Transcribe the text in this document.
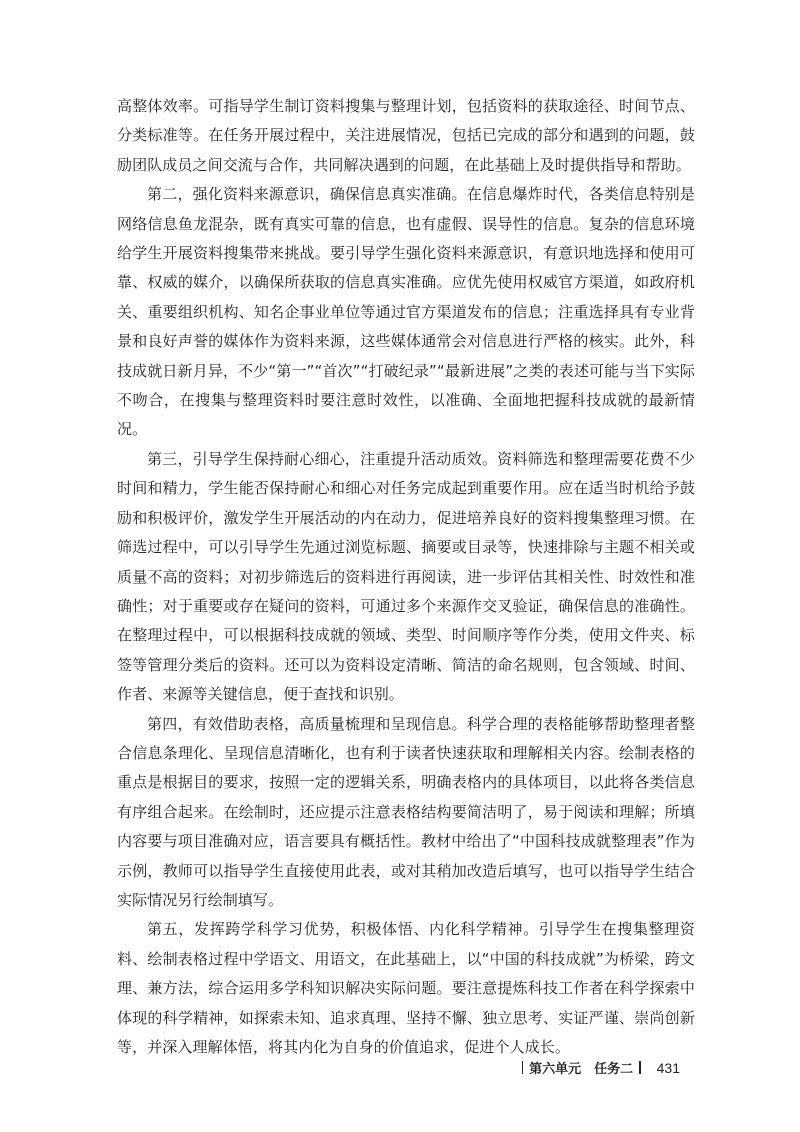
高整体效率。可指导学生制订资料搜集与整理计划，包括资料的获取途径、时间节点、分类标准等。在任务开展过程中，关注进展情况，包括已完成的部分和遇到的问题，鼓励团队成员之间交流与合作，共同解决遇到的问题，在此基础上及时提供指导和帮助。

第二，强化资料来源意识，确保信息真实准确。在信息爆炸时代，各类信息特别是网络信息鱼龙混杂，既有真实可靠的信息，也有虚假、误导性的信息。复杂的信息环境给学生开展资料搜集带来挑战。要引导学生强化资料来源意识，有意识地选择和使用可靠、权威的媒介，以确保所获取的信息真实准确。应优先使用权威官方渠道，如政府机关、重要组织机构、知名企事业单位等通过官方渠道发布的信息；注重选择具有专业背景和良好声誉的媒体作为资料来源，这些媒体通常会对信息进行严格的核实。此外，科技成就日新月异，不少“第一”“首次”“打破纪录”“最新进展”之类的表述可能与当下实际不吻合，在搜集与整理资料时要注意时效性，以准确、全面地把握科技成就的最新情况。

第三，引导学生保持耐心细心，注重提升活动质效。资料筛选和整理需要花费不少时间和精力，学生能否保持耐心和细心对任务完成起到重要作用。应在适当时机给予鼓励和积极评价，激发学生开展活动的内在动力，促进培养良好的资料搜集整理习惯。在筛选过程中，可以引导学生先通过浏览标题、摘要或目录等，快速排除与主题不相关或质量不高的资料；对初步筛选后的资料进行再阅读，进一步评估其相关性、时效性和准确性；对于重要或存在疑问的资料，可通过多个来源作交叉验证，确保信息的准确性。在整理过程中，可以根据科技成就的领域、类型、时间顺序等作分类，使用文件夹、标签等管理分类后的资料。还可以为资料设定清晰、简洁的命名规则，包含领域、时间、作者、来源等关键信息，便于查找和识别。

第四，有效借助表格，高质量梳理和呈现信息。科学合理的表格能够帮助整理者整合信息条理化、呈现信息清晰化，也有利于读者快速获取和理解相关内容。绘制表格的重点是根据目的要求，按照一定的逻辑关系，明确表格内的具体项目，以此将各类信息有序组合起来。在绘制时，还应提示注意表格结构要简洁明了，易于阅读和理解；所填内容要与项目准确对应，语言要具有概括性。教材中给出了“中国科技成就整理表”作为示例，教师可以指导学生直接使用此表，或对其稍加改造后填写，也可以指导学生结合实际情况另行绘制填写。

第五，发挥跨学科学习优势，积极体悟、内化科学精神。引导学生在搜集整理资料、绘制表格过程中学语文、用语文，在此基础上，以“中国的科技成就”为桥梁，跨文理、兼方法，综合运用多学科知识解决实际问题。要注意提炼科技工作者在科学探索中体现的科学精神，如探索未知、追求真理、坚持不懈、独立思考、实证严谨、崇尚创新等，并深入理解体悟，将其内化为自身的价值追求，促进个人成长。

第六单元　任务二 431
